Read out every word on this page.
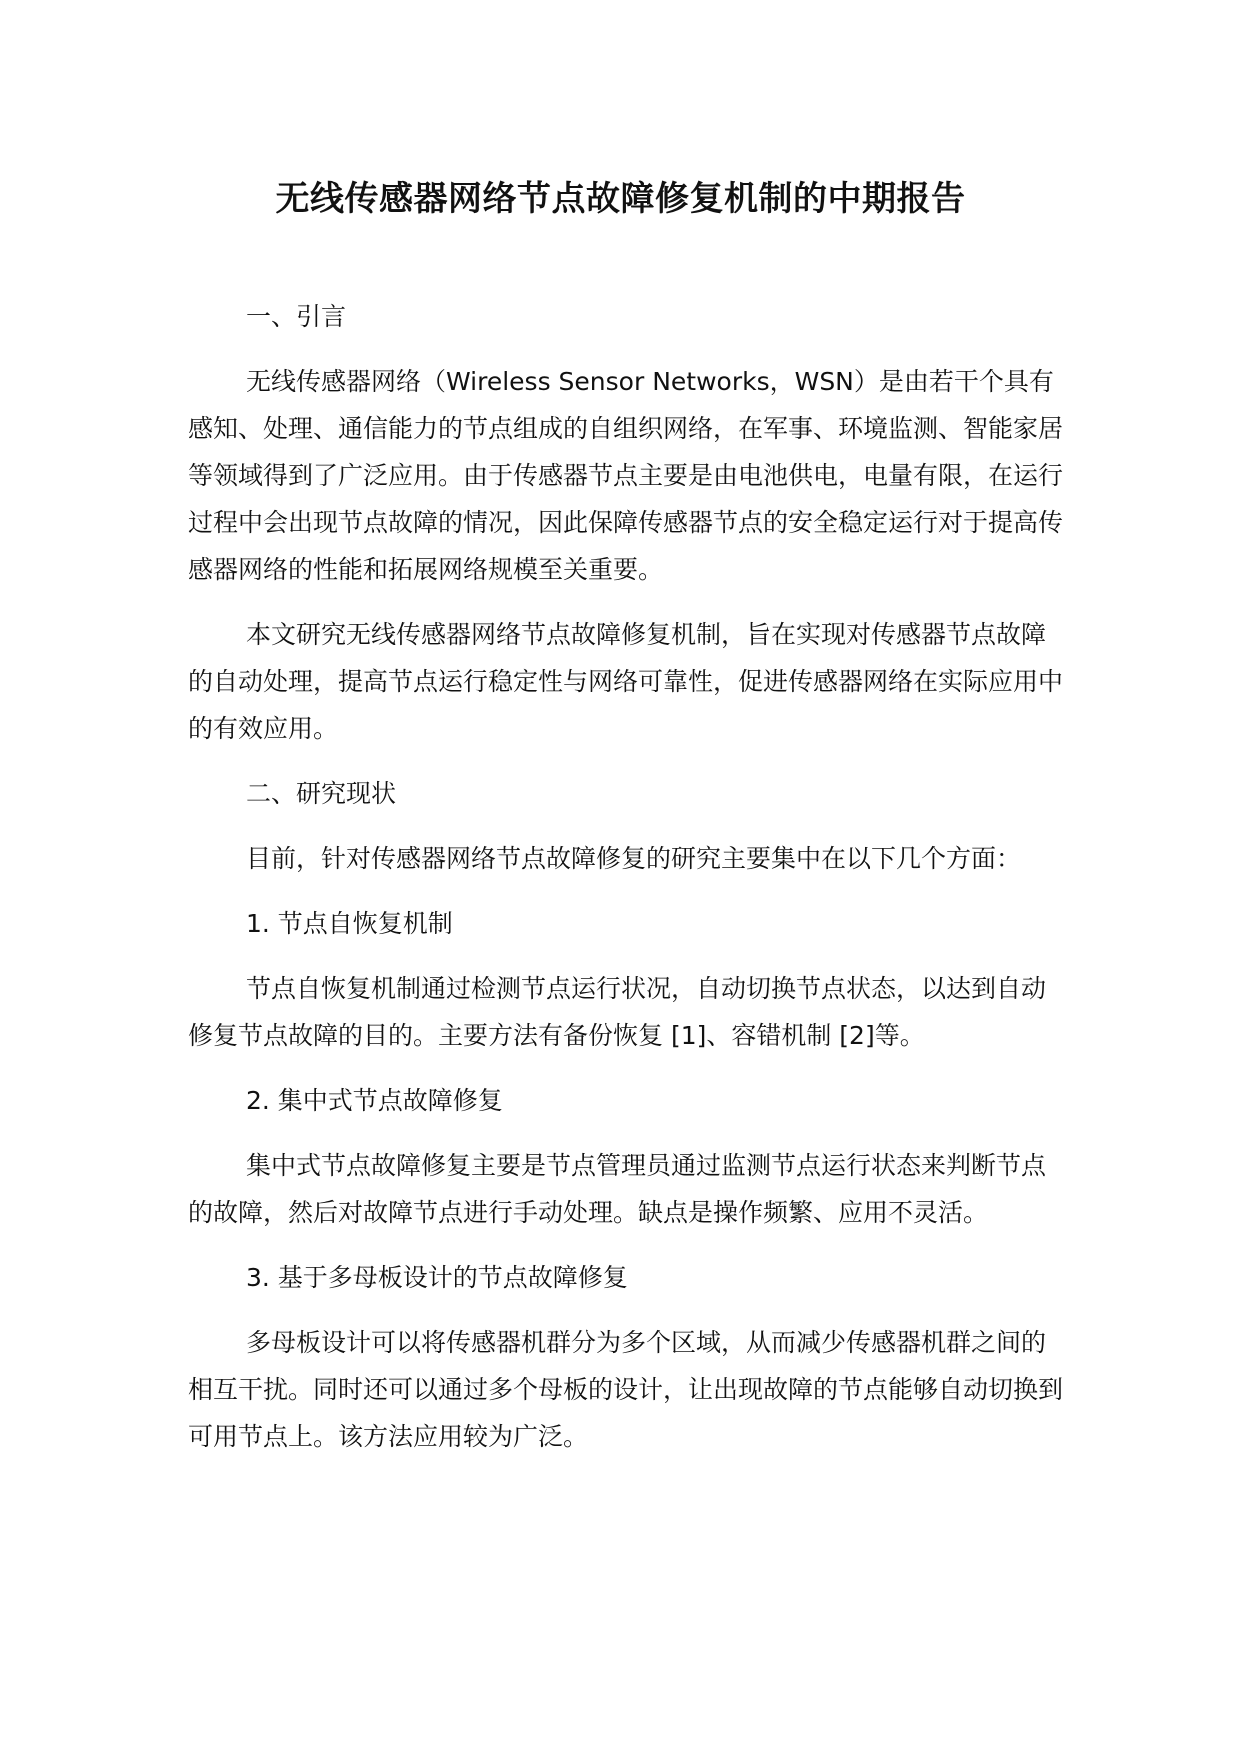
无线传感器网络节点故障修复机制的中期报告

一、引言

无线传感器网络（Wireless Sensor Networks，WSN）是由若干个具有感知、处理、通信能力的节点组成的自组织网络，在军事、环境监测、智能家居等领域得到了广泛应用。由于传感器节点主要是由电池供电，电量有限，在运行过程中会出现节点故障的情况，因此保障传感器节点的安全稳定运行对于提高传感器网络的性能和拓展网络规模至关重要。

本文研究无线传感器网络节点故障修复机制，旨在实现对传感器节点故障的自动处理，提高节点运行稳定性与网络可靠性，促进传感器网络在实际应用中的有效应用。

二、研究现状

目前，针对传感器网络节点故障修复的研究主要集中在以下几个方面：

1. 节点自恢复机制

节点自恢复机制通过检测节点运行状况，自动切换节点状态，以达到自动修复节点故障的目的。主要方法有备份恢复 [1]、容错机制 [2]等。

2. 集中式节点故障修复

集中式节点故障修复主要是节点管理员通过监测节点运行状态来判断节点的故障，然后对故障节点进行手动处理。缺点是操作频繁、应用不灵活。

3. 基于多母板设计的节点故障修复

多母板设计可以将传感器机群分为多个区域，从而减少传感器机群之间的相互干扰。同时还可以通过多个母板的设计，让出现故障的节点能够自动切换到可用节点上。该方法应用较为广泛。
